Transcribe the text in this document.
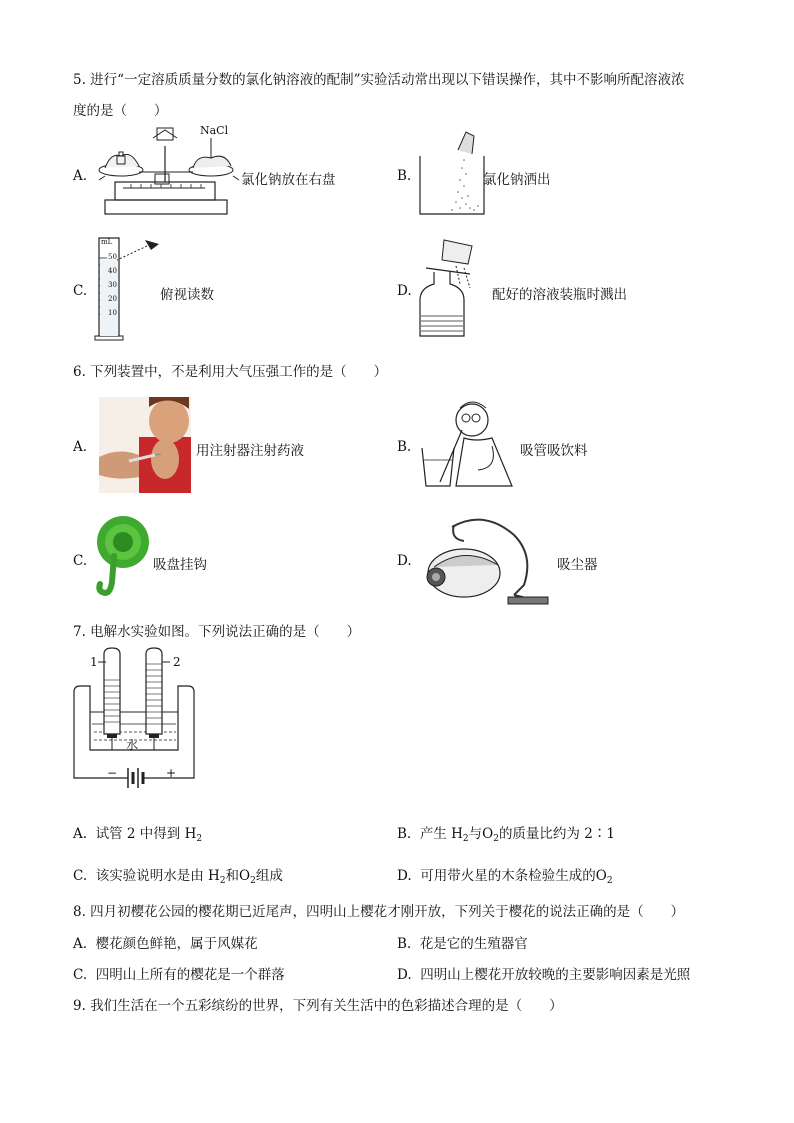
5. 进行“一定溶质质量分数的氯化钠溶液的配制”实验活动常出现以下错误操作，其中不影响所配溶液浓
度的是（　　）
A.
NaCl
氯化钠放在右盘	B.	氯化钠洒出
C.
mL
50
40
30
20
10
俯视读数	D.	配好的溶液装瓶时溅出
6. 下列装置中，不是利用大气压强工作的是（　　）
A.	用注射器注射药液	B.	吸管吸饮料
C.	吸盘挂钩	D.	吸尘器
7. 电解水实验如图。下列说法正确的是（　　）
1	2
水
−	+
A. 试管 2 中得到 $H_2$	B. 产生 $H_2$与$O_2$的质量比约为 2∶1
C. 该实验说明水是由 $H_2$和$O_2$组成	D. 可用带火星的木条检验生成的$O_2$
8. 四月初樱花公园的樱花期已近尾声，四明山上樱花才刚开放，下列关于樱花的说法正确的是（　　）
A. 樱花颜色鲜艳，属于风媒花	B. 花是它的生殖器官
C. 四明山上所有的樱花是一个群落	D. 四明山上樱花开放较晚的主要影响因素是光照
9. 我们生活在一个五彩缤纷的世界，下列有关生活中的色彩描述合理的是（　　）
